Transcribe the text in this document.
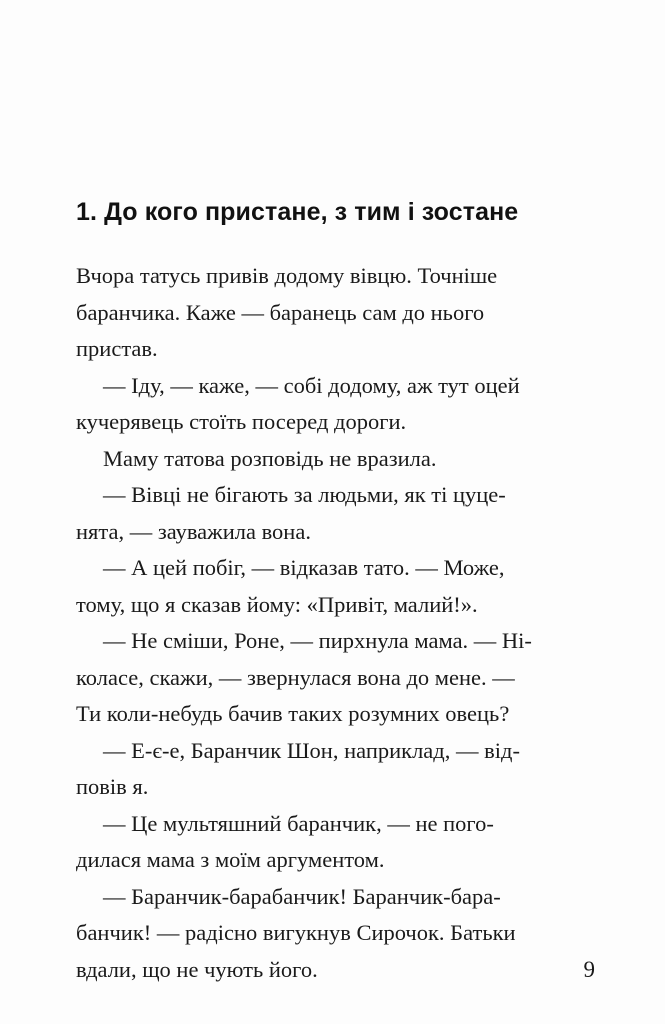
1. До кого пристане, з тим і зостане
Вчора татусь привів додому вівцю. Точніше
баранчика. Каже — баранець сам до нього
пристав.
— Іду, — каже, — собі додому, аж тут оцей
кучерявець стоїть посеред дороги.
Маму татова розповідь не вразила.
— Вівці не бігають за людьми, як ті цуце-
нята, — зауважила вона.
— А цей побіг, — відказав тато. — Може,
тому, що я сказав йому: «Привіт, малий!».
— Не сміши, Роне, — пирхнула мама. — Ні-
коласе, скажи, — звернулася вона до мене. —
Ти коли-небудь бачив таких розумних овець?
— Е-є-е, Баранчик Шон, наприклад, — від-
повів я.
— Це мультяшний баранчик, — не пого-
дилася мама з моїм аргументом.
— Баранчик-барабанчик! Баранчик-бара-
банчик! — радісно вигукнув Сирочок. Батьки
вдали, що не чують його.	9
